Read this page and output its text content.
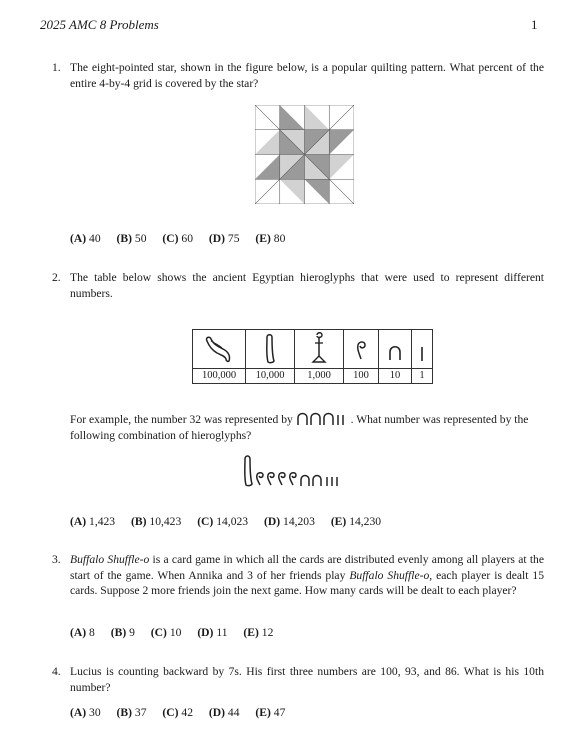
2025 AMC 8 Problems	1
1. The eight-pointed star, shown in the figure below, is a popular quilting pattern. What percent of the entire 4-by-4 grid is covered by the star?
(A) 40 (B) 50 (C) 60 (D) 75 (E) 80
2. The table below shows the ancient Egyptian hieroglyphs that were used to represent different numbers.

100,000	10,000	1,000	100	10	1
For example, the number 32 was represented by	. What number was represented by the following combination of hieroglyphs?
(A) 1,423 (B) 10,423 (C) 14,023 (D) 14,203 (E) 14,230
3. Buffalo Shuffle-o is a card game in which all the cards are distributed evenly among all players at the start of the game. When Annika and 3 of her friends play Buffalo Shuffle-o, each player is dealt 15 cards. Suppose 2 more friends join the next game. How many cards will be dealt to each player?
(A) 8 (B) 9 (C) 10 (D) 11 (E) 12
4. Lucius is counting backward by 7s. His first three numbers are 100, 93, and 86. What is his 10th number?
(A) 30 (B) 37 (C) 42 (D) 44 (E) 47
